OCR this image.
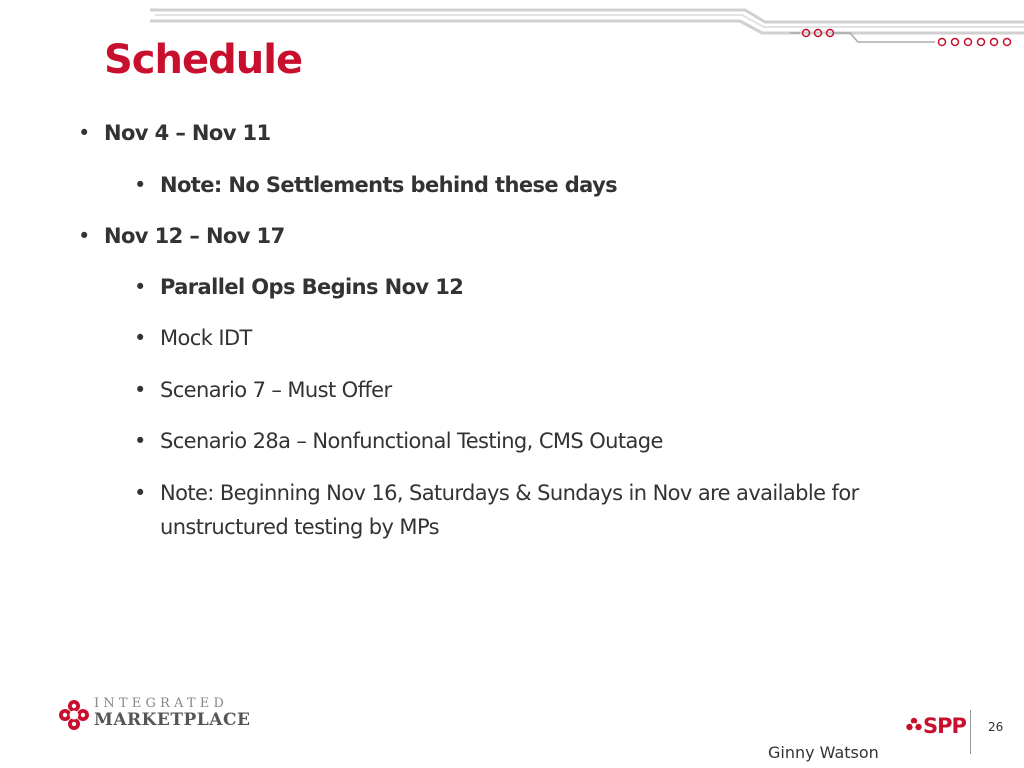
Schedule

• Nov 4 – Nov 11

• Note: No Settlements behind these days

• Nov 12 – Nov 17

• Parallel Ops Begins Nov 12

• Mock IDT

• Scenario 7 – Must Offer

• Scenario 28a – Nonfunctional Testing, CMS Outage

• Note: Beginning Nov 16, Saturdays & Sundays in Nov are available for unstructured testing by MPs

INTEGRATED
MARKETPLACE	SPP 26
Ginny Watson
